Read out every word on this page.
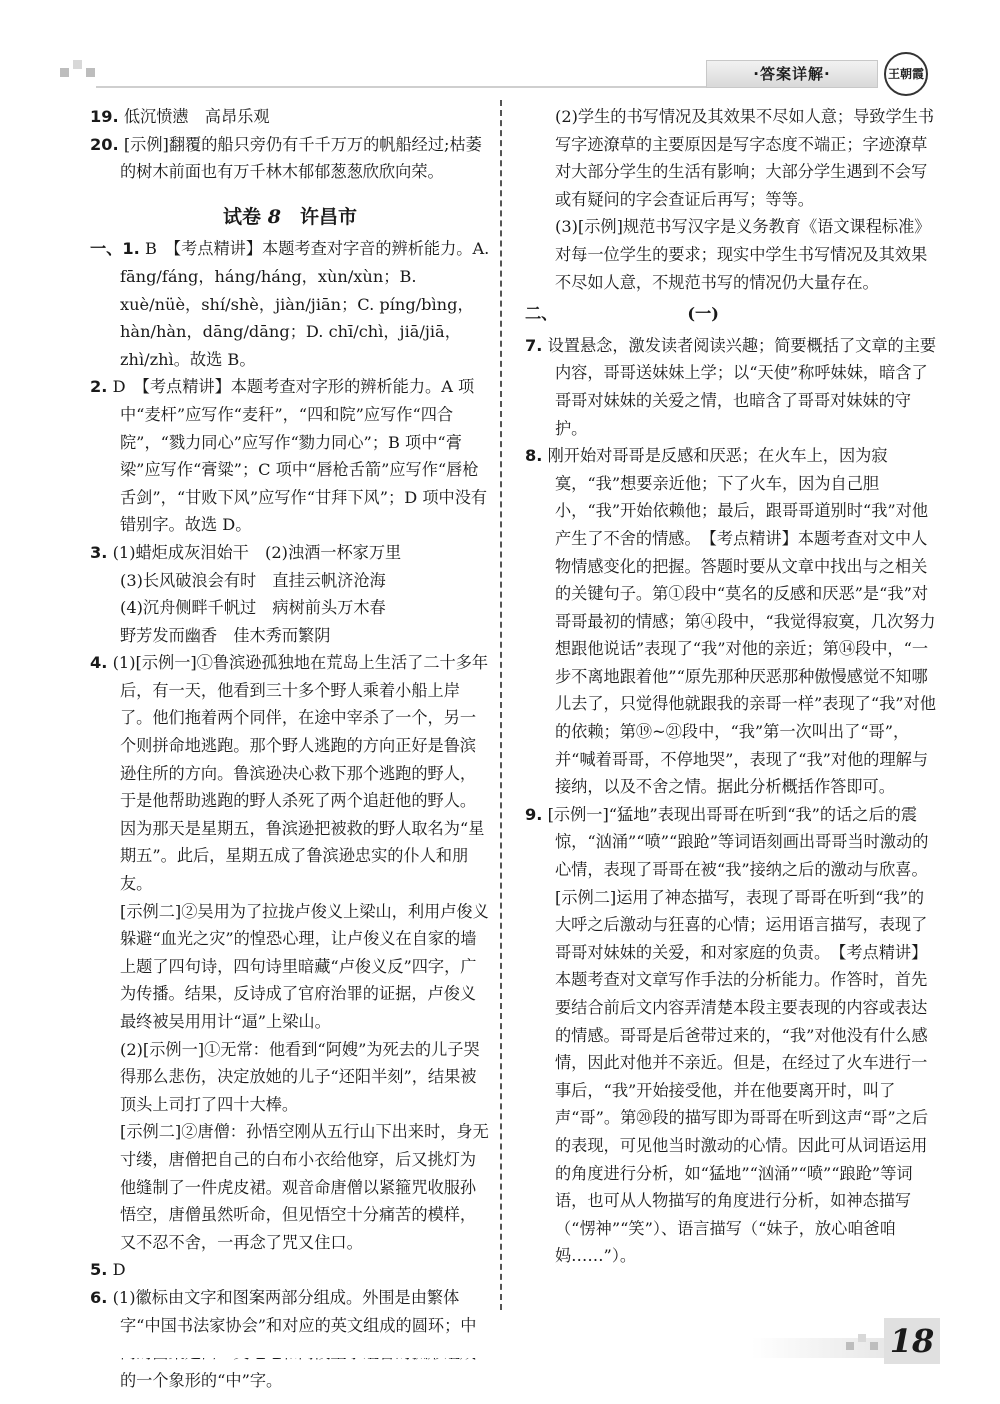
·答案详解·	王朝霞

19. 低沉愤懑　高昂乐观

20. [示例]翻覆的船只旁仍有千千万万的帆船经过;枯萎的树木前面也有万千林木郁郁葱葱欣欣向荣。

试卷 8　 许昌市

一、1. B　【考点精讲】本题考查对字音的辨析能力。A. fāng/fáng，háng/háng，xùn/xùn；B. xuè/nüè，shí/shè，jiàn/jiān；C. píng/bìng，hàn/hàn，dāng/dāng；D. chī/chì，jiā/jiā，zhì/zhì。故选 B。

2. D　【考点精讲】本题考查对字形的辨析能力。A 项中“麦杆”应写作“麦秆”，“四和院”应写作“四合院”，“戮力同心”应写作“勠力同心”；B 项中“膏梁”应写作“膏粱”；C 项中“唇枪舌箭”应写作“唇枪舌剑”，“甘败下风”应写作“甘拜下风”；D 项中没有错别字。故选 D。

3. (1)蜡炬成灰泪始干　(2)浊酒一杯家万里

(3)长风破浪会有时　直挂云帆济沧海

(4)沉舟侧畔千帆过　病树前头万木春

野芳发而幽香　佳木秀而繁阴

4. (1)[示例一]①鲁滨逊孤独地在荒岛上生活了二十多年后，有一天，他看到三十多个野人乘着小船上岸了。他们拖着两个同伴，在途中宰杀了一个，另一个则拼命地逃跑。那个野人逃跑的方向正好是鲁滨逊住所的方向。鲁滨逊决心救下那个逃跑的野人，于是他帮助逃跑的野人杀死了两个追赶他的野人。因为那天是星期五，鲁滨逊把被救的野人取名为“星期五”。此后，星期五成了鲁滨逊忠实的仆人和朋友。

[示例二]②吴用为了拉拢卢俊义上梁山，利用卢俊义躲避“血光之灾”的惶恐心理，让卢俊义在自家的墙上题了四句诗，四句诗里暗藏“卢俊义反”四字，广为传播。结果，反诗成了官府治罪的证据，卢俊义最终被吴用用计“逼”上梁山。

(2)[示例一]①无常：他看到“阿嫂”为死去的儿子哭得那么悲伤，决定放她的儿子“还阳半刻”，结果被顶头上司打了四十大棒。

[示例二]②唐僧：孙悟空刚从五行山下出来时，身无寸缕，唐僧把自己的白布小衣给他穿，后又挑灯为他缝制了一件虎皮裙。观音命唐僧以紧箍咒收服孙悟空，唐僧虽然听命，但见悟空十分痛苦的模样，又不忍不舍，一再念了咒又住口。

5. D

6. (1)徽标由文字和图案两部分组成。外围是由繁体字“中国书法家协会”和对应的英文组成的圆环；中 的一个象形的“中”字。

(2)学生的书写情况及其效果不尽如人意；导致学生书写字迹潦草的主要原因是写字态度不端正；字迹潦草对大部分学生的生活有影响；大部分学生遇到不会写或有疑问的字会查证后再写；等等。

(3)[示例]规范书写汉字是义务教育《语文课程标准》对每一位学生的要求；现实中学生书写情况及其效果不尽如人意，不规范书写的情况仍大量存在。

二、	(一)

7. 设置悬念，激发读者阅读兴趣；简要概括了文章的主要内容，哥哥送妹妹上学；以“天使”称呼妹妹，暗含了哥哥对妹妹的关爱之情，也暗含了哥哥对妹妹的守护。

8. 刚开始对哥哥是反感和厌恶；在火车上，因为寂寞，“我”想要亲近他；下了火车，因为自己胆小，“我”开始依赖他；最后，跟哥哥道别时“我”对他产生了不舍的情感。　【考点精讲】本题考查对文中人物情感变化的把握。答题时要从文章中找出与之相关的关键句子。第①段中“莫名的反感和厌恶”是“我”对哥哥最初的情感；第④段中，“我觉得寂寞，几次努力想跟他说话”表现了“我”对他的亲近；第⑭段中，“一步不离地跟着他”“原先那种厌恶那种傲慢感觉不知哪儿去了，只觉得他就跟我的亲哥一样”表现了“我”对他的依赖；第⑲~㉑段中，“我”第一次叫出了“哥”，并“喊着哥哥，不停地哭”，表现了“我”对他的理解与接纳，以及不舍之情。据此分析概括作答即可。

9. [示例一]“猛地”表现出哥哥在听到“我”的话之后的震惊，“汹涌”“喷”“踉跄”等词语刻画出哥哥当时激动的心情，表现了哥哥在被“我”接纳之后的激动与欣喜。

[示例二]运用了神态描写，表现了哥哥在听到“我”的大呼之后激动与狂喜的心情；运用语言描写，表现了哥哥对妹妹的关爱，和对家庭的负责。　【考点精讲】本题考查对文章写作手法的分析能力。作答时，首先要结合前后文内容弄清楚本段主要表现的内容或表达的情感。哥哥是后爸带过来的，“我”对他没有什么感情，因此对他并不亲近。但是，在经过了火车进行一事后，“我”开始接受他，并在他要离开时，叫了声“哥”。第⑳段的描写即为哥哥在听到这声“哥”之后的表现，可见他当时激动的心情。因此可从词语运用的角度进行分析，如“猛地”“汹涌”“喷”“踉跄”等词语，也可从人物描写的角度进行分析，如神态描写（“愣神”“笑”）、语言描写（“妹子，放心咱爸咱妈……”）。

18
